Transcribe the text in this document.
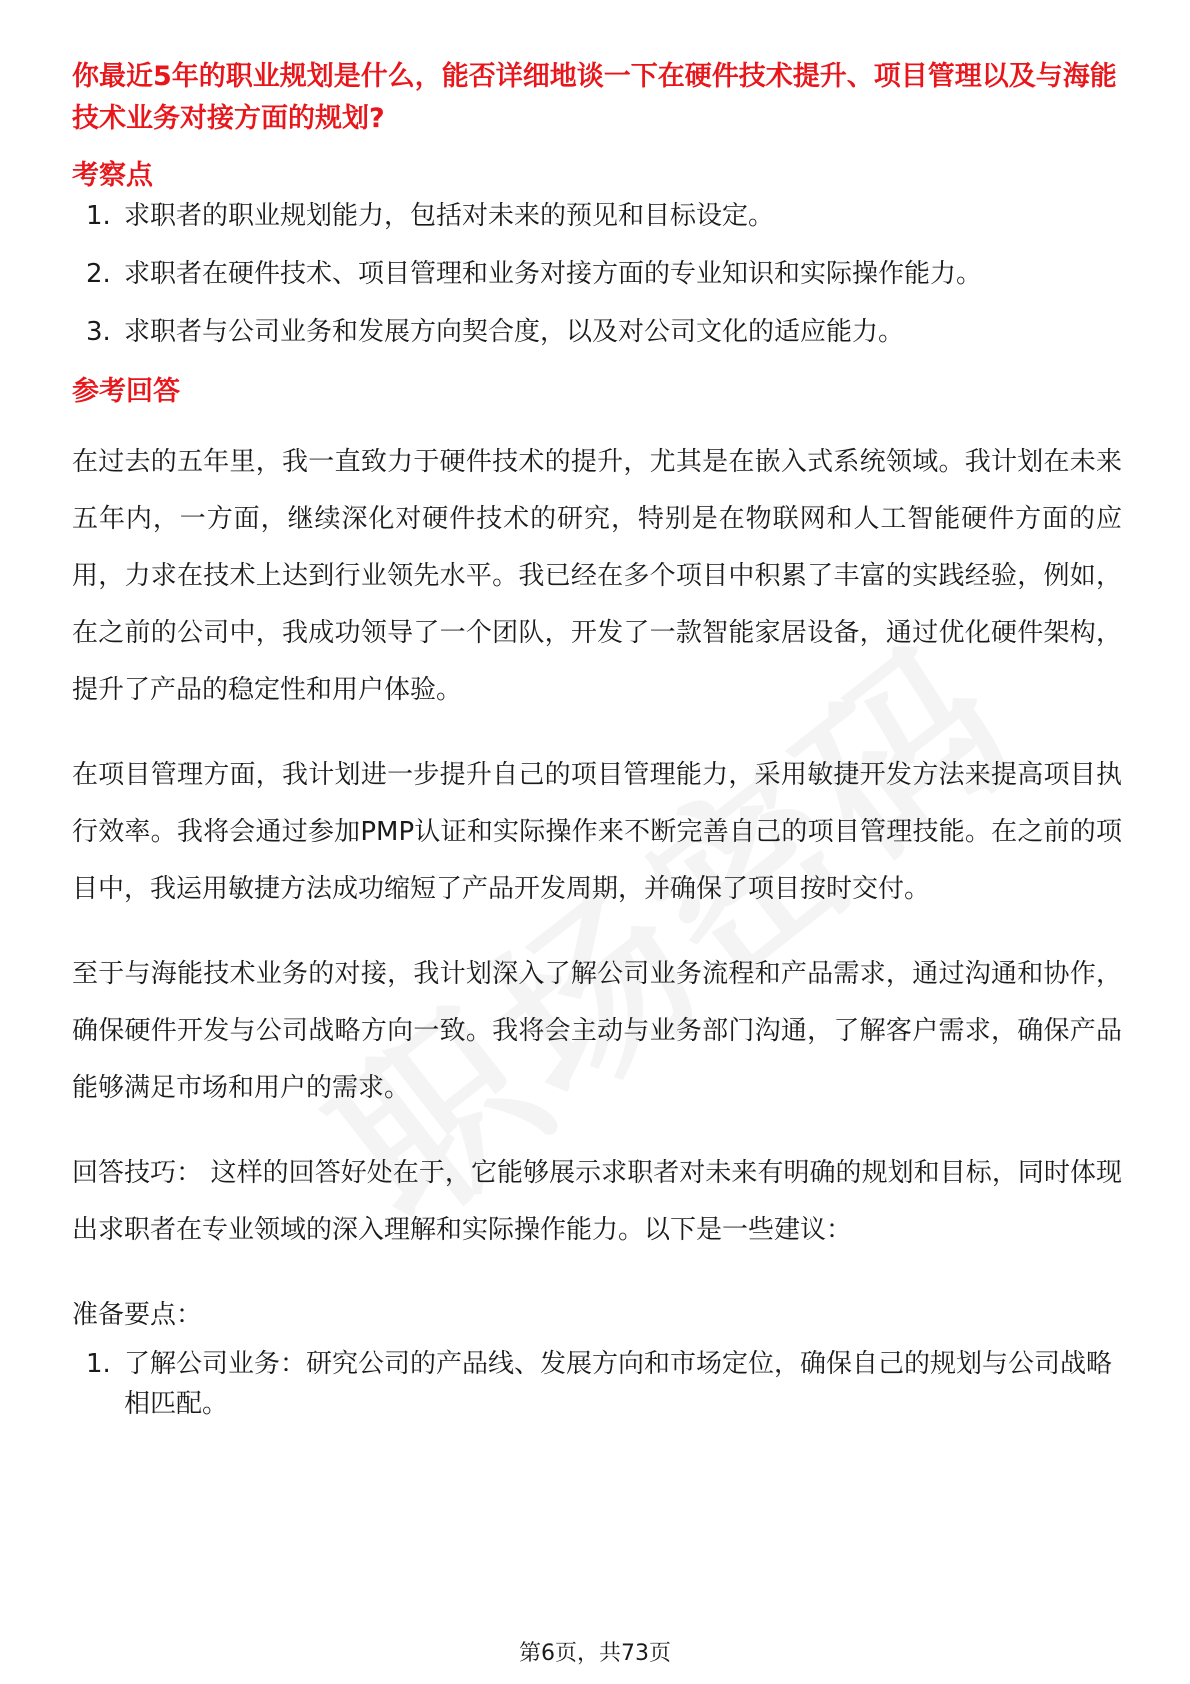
你最近5年的职业规划是什么，能否详细地谈一下在硬件技术提升、项目管理以及与海能技术业务对接方面的规划?

考察点

1. 求职者的职业规划能力，包括对未来的预见和目标设定。
2. 求职者在硬件技术、项目管理和业务对接方面的专业知识和实际操作能力。
3. 求职者与公司业务和发展方向契合度，以及对公司文化的适应能力。

参考回答

在过去的五年里，我一直致力于硬件技术的提升，尤其是在嵌入式系统领域。我计划在未来五年内，一方面，继续深化对硬件技术的研究，特别是在物联网和人工智能硬件方面的应用，力求在技术上达到行业领先水平。我已经在多个项目中积累了丰富的实践经验，例如，在之前的公司中，我成功领导了一个团队，开发了一款智能家居设备，通过优化硬件架构，提升了产品的稳定性和用户体验。

在项目管理方面，我计划进一步提升自己的项目管理能力，采用敏捷开发方法来提高项目执行效率。我将会通过参加PMP认证和实际操作来不断完善自己的项目管理技能。在之前的项目中，我运用敏捷方法成功缩短了产品开发周期，并确保了项目按时交付。

至于与海能技术业务的对接，我计划深入了解公司业务流程和产品需求，通过沟通和协作，确保硬件开发与公司战略方向一致。我将会主动与业务部门沟通，了解客户需求，确保产品能够满足市场和用户的需求。

回答技巧： 这样的回答好处在于，它能够展示求职者对未来有明确的规划和目标，同时体现出求职者在专业领域的深入理解和实际操作能力。以下是一些建议：

准备要点：

1. 了解公司业务：研究公司的产品线、发展方向和市场定位，确保自己的规划与公司战略相匹配。
第6页，共73页
